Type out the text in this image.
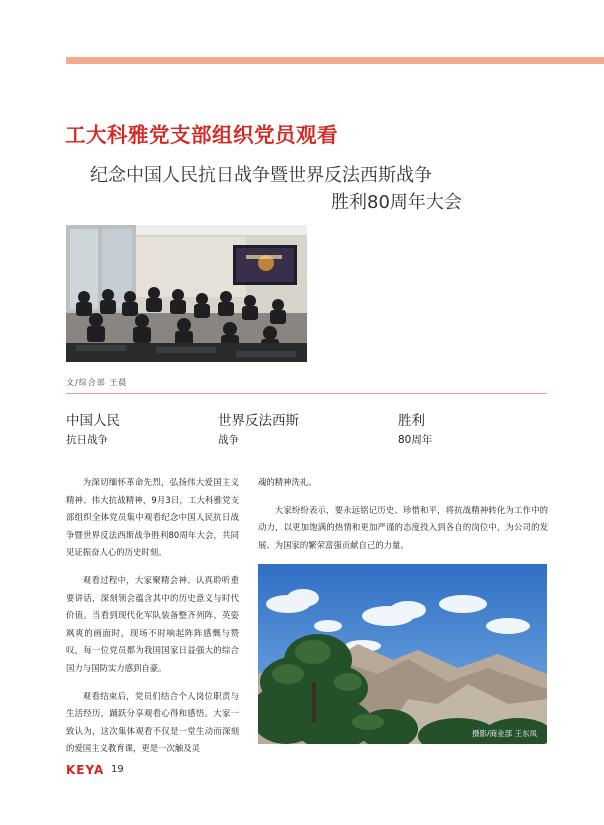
工大科雅党支部组织党员观看
纪念中国人民抗日战争暨世界反法西斯战争
胜利80周年大会
文/综合部 王晨
中国人民
抗日战争
世界反法西斯
战争
胜利
80周年

为深切缅怀革命先烈，弘扬伟大爱国主义精神、伟大抗战精神，9月3日，工大科雅党支部组织全体党员集中观看纪念中国人民抗日战争暨世界反法西斯战争胜利80周年大会，共同见证振奋人心的历史时刻。

观看过程中，大家聚精会神、认真聆听重要讲话，深刻领会蕴含其中的历史意义与时代价值。当看到现代化军队装备整齐列阵、英姿飒爽的画面时，现场不时响起阵阵感慨与赞叹，每一位党员都为我国国家日益强大的综合国力与国防实力感到自豪。

观看结束后，党员们结合个人岗位职责与生活经历，踊跃分享观看心得和感悟。大家一致认为，这次集体观看不仅是一堂生动而深刻的爱国主义教育课，更是一次触及灵

魂的精神洗礼。

大家纷纷表示，要永远铭记历史、珍惜和平，将抗战精神转化为工作中的动力，以更加饱满的热情和更加严谨的态度投入到各自的岗位中，为公司的发展、为国家的繁荣富强贡献自己的力量。

摄影/商业部 王东凤
KEYA 19
